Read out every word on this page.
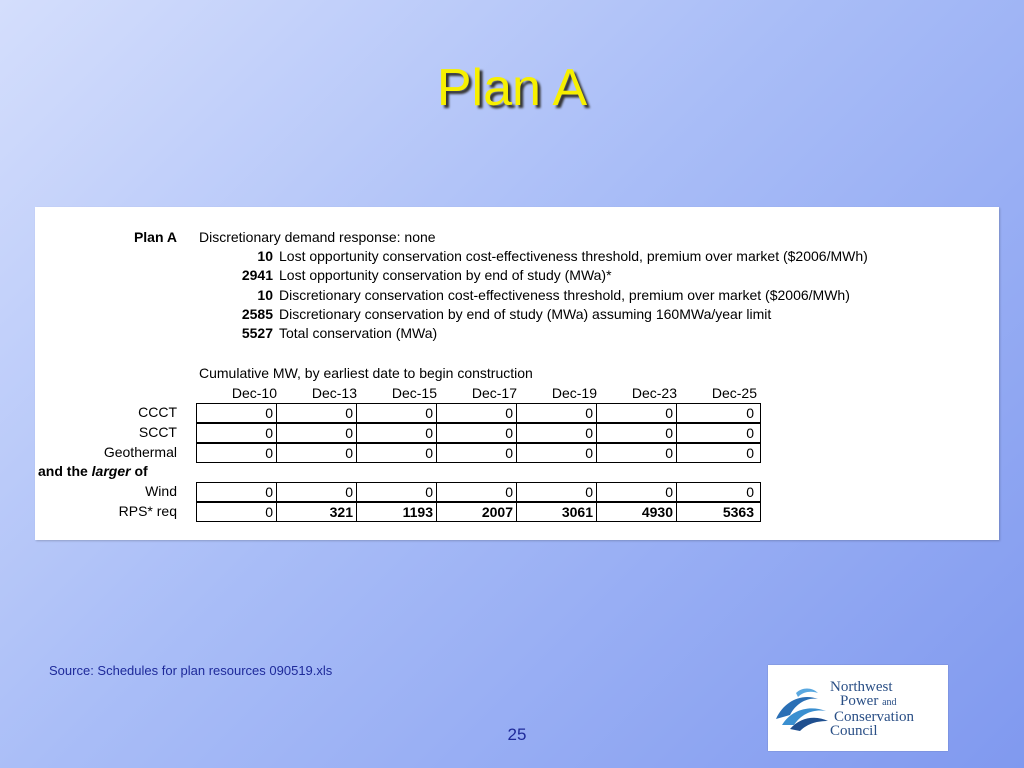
Plan A
Plan A Discretionary demand response: none
10 Lost opportunity conservation cost-effectiveness threshold, premium over market ($2006/MWh)
2941 Lost opportunity conservation by end of study (MWa)*
10 Discretionary conservation cost-effectiveness threshold, premium over market ($2006/MWh)
2585 Discretionary conservation by end of study (MWa) assuming 160MWa/year limit
5527 Total conservation (MWa)
Cumulative MW, by earliest date to begin construction
Dec-10	Dec-13	Dec-15	Dec-17	Dec-19	Dec-23	Dec-25
CCCT	0	0	0	0	0	0	0
SCCT	0	0	0	0	0	0	0
Geothermal	0	0	0	0	0	0	0
and the larger of
Wind	0	0	0	0	0	0	0
RPS* req	0	321	1193	2007	3061	4930	5363
Source: Schedules for plan resources 090519.xls
25
Northwest
Power and
Conservation
Council
